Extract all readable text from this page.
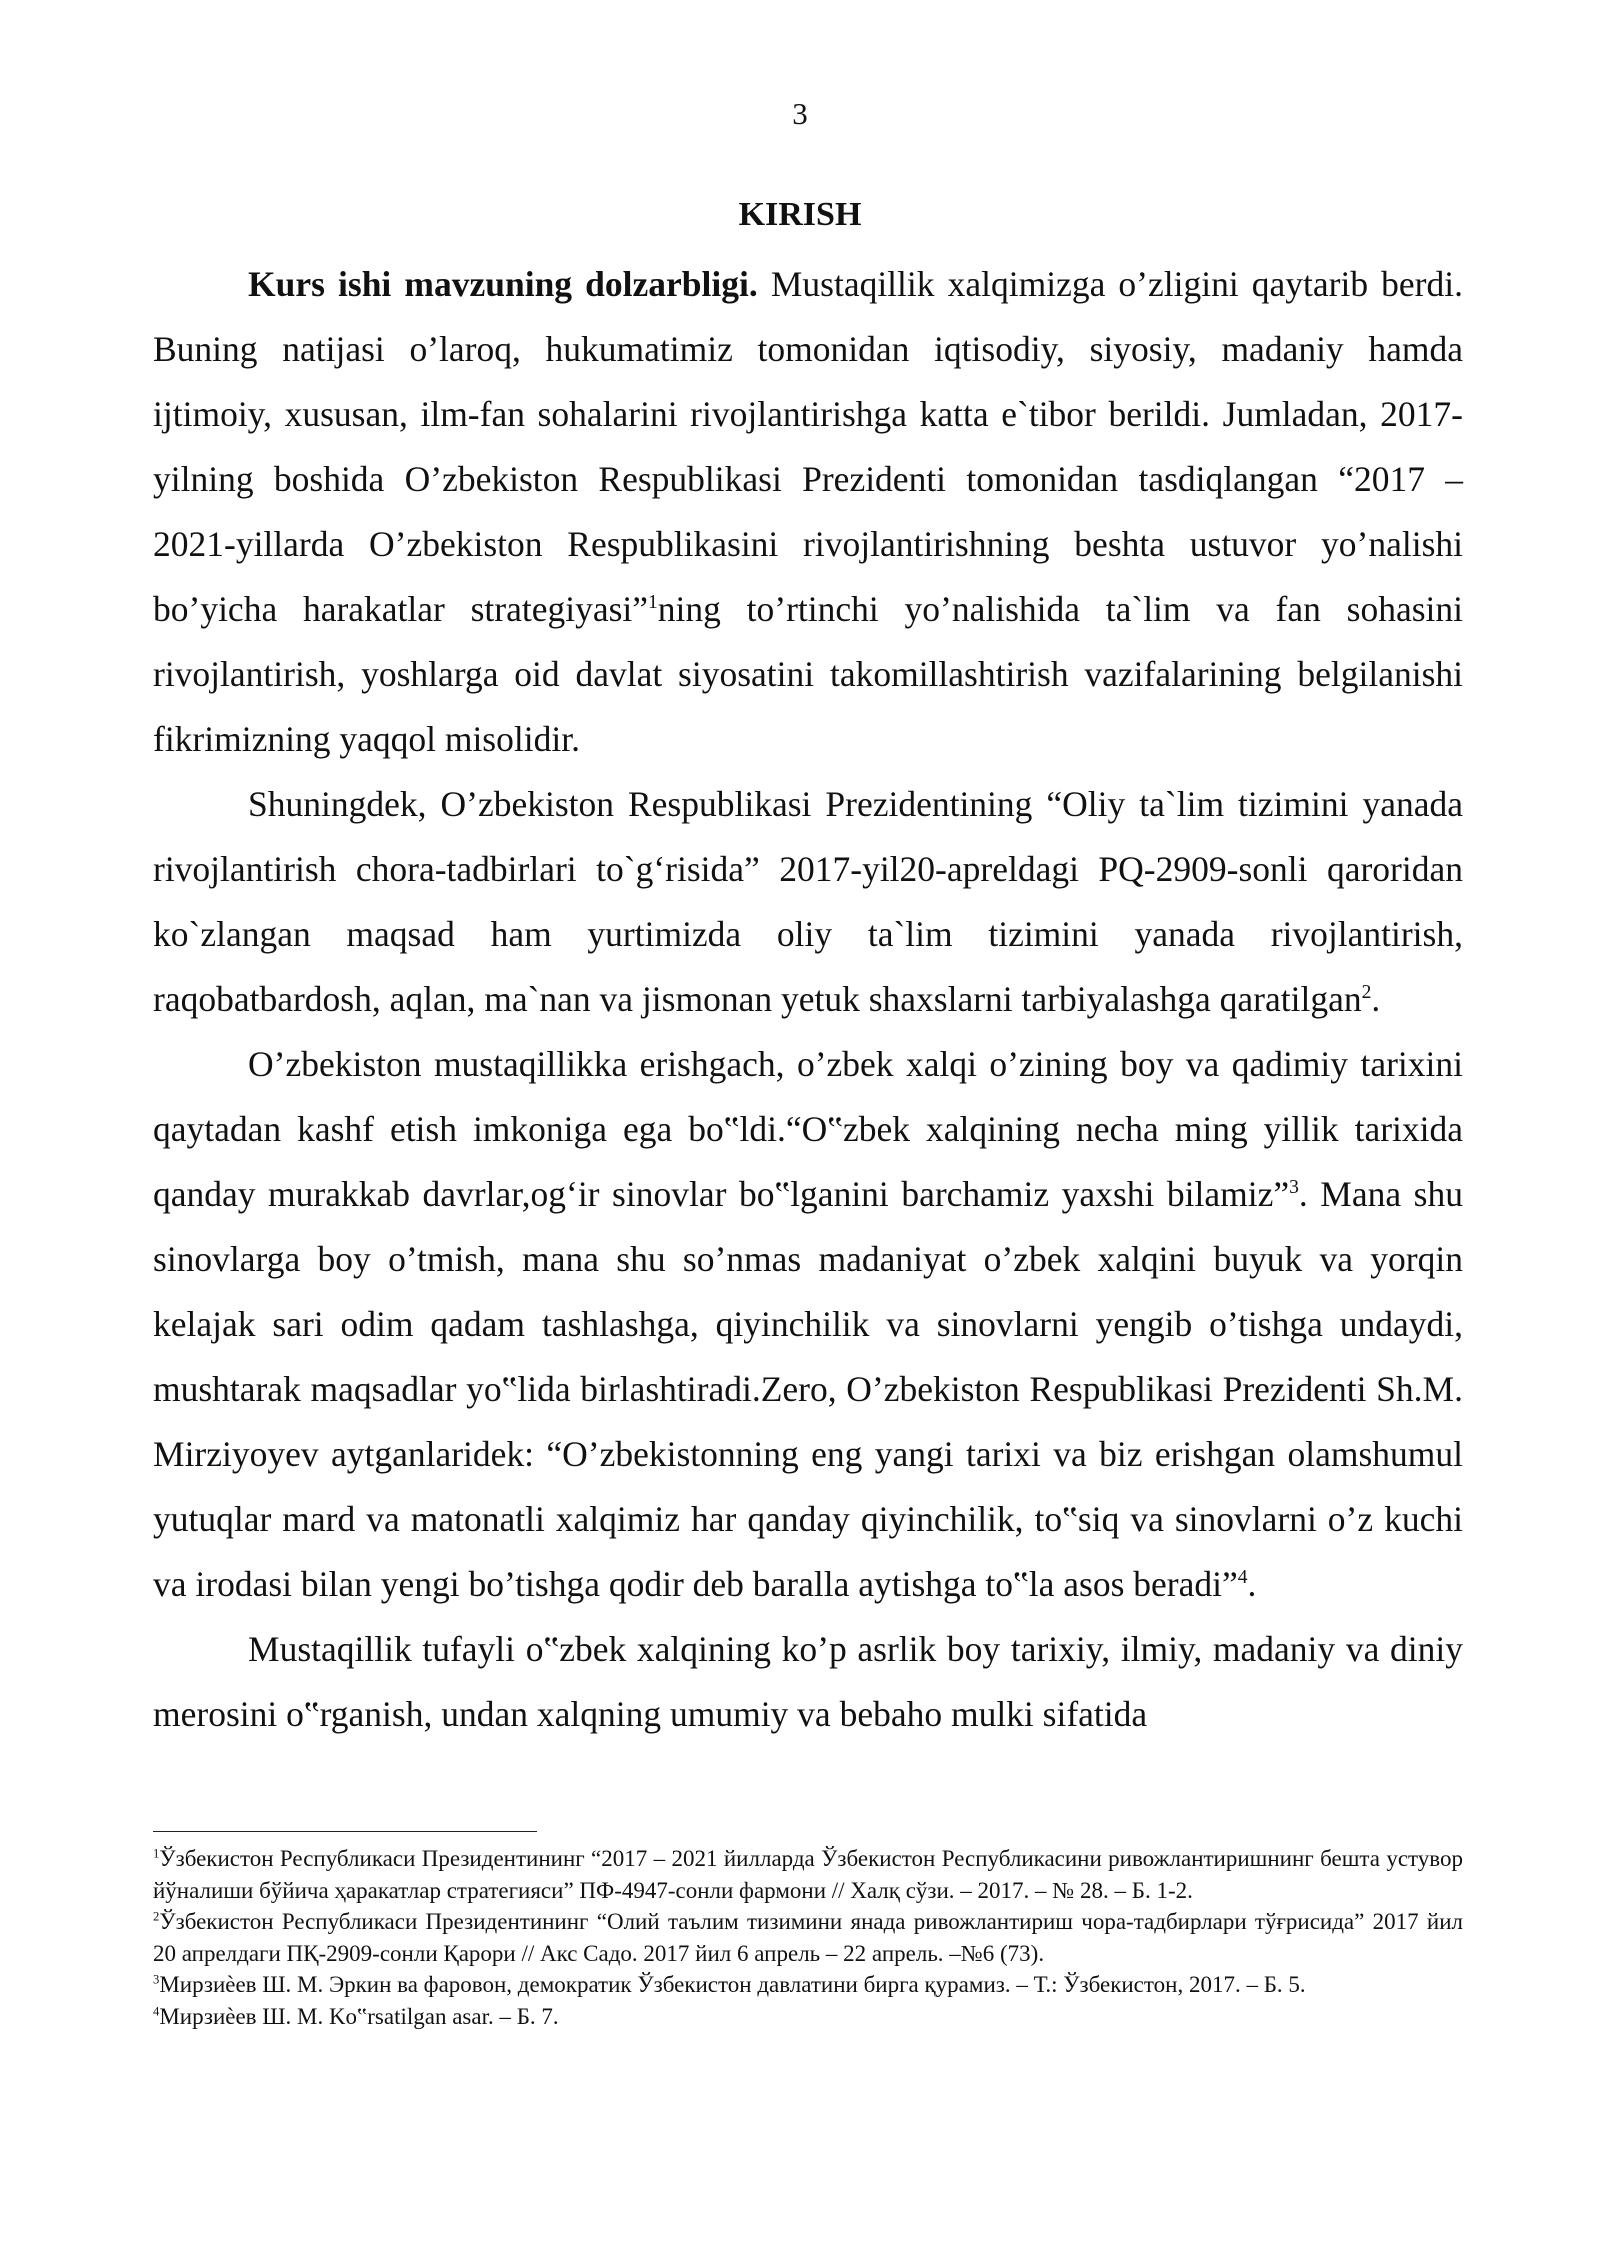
3
KIRISH

Kurs ishi mavzuning dolzarbligi. Mustaqillik xalqimizga o’zligini qaytarib berdi. Buning natijasi o’laroq, hukumatimiz tomonidan iqtisodiy, siyosiy, madaniy hamda ijtimoiy, xususan, ilm-fan sohalarini rivojlantirishga katta e`tibor berildi. Jumladan, 2017-yilning boshida O’zbekiston Respublikasi Prezidenti tomonidan tasdiqlangan “2017 – 2021-yillarda O’zbekiston Respublikasini rivojlantirishning beshta ustuvor yo’nalishi bo’yicha harakatlar strategiyasi”$^1$ning to’rtinchi yo’nalishida ta`lim va fan sohasini rivojlantirish, yoshlarga oid davlat siyosatini takomillashtirish vazifalarining belgilanishi fikrimizning yaqqol misolidir.

Shuningdek, O’zbekiston Respublikasi Prezidentining “Oliy ta`lim tizimini yanada rivojlantirish chora-tadbirlari to`g‘risida” 2017-yil20-apreldagi PQ-2909-sonli qaroridan ko`zlangan maqsad ham yurtimizda oliy ta`lim tizimini yanada rivojlantirish, raqobatbardosh, aqlan, ma`nan va jismonan yetuk shaxslarni tarbiyalashga qaratilgan$^2$.

O’zbekiston mustaqillikka erishgach, o’zbek xalqi o’zining boy va qadimiy tarixini qaytadan kashf etish imkoniga ega bo‟ldi.“O‟zbek xalqining necha ming yillik tarixida qanday murakkab davrlar,og‘ir sinovlar bo‟lganini barchamiz yaxshi bilamiz”$^3$. Mana shu sinovlarga boy o’tmish, mana shu so’nmas madaniyat o’zbek xalqini buyuk va yorqin kelajak sari odim qadam tashlashga, qiyinchilik va sinovlarni yengib o’tishga undaydi, mushtarak maqsadlar yo‟lida birlashtiradi.Zero, O’zbekiston Respublikasi Prezidenti Sh.M. Mirziyoyev aytganlaridek: “O’zbekistonning eng yangi tarixi va biz erishgan olamshumul yutuqlar mard va matonatli xalqimiz har qanday qiyinchilik, to‟siq va sinovlarni o’z kuchi va irodasi bilan yengi bo’tishga qodir deb baralla aytishga to‟la asos beradi”$^4$.

Mustaqillik tufayli o‟zbek xalqining ko’p asrlik boy tarixiy, ilmiy, madaniy va diniy merosini o‟rganish, undan xalqning umumiy va bebaho mulki sifatida

$^1$Ўзбекистон Республикаси Президентининг “2017 – 2021 йилларда Ўзбекистон Республикасини ривожлантиришнинг бешта устувор йўналиши бўйича ҳаракатлар стратегияси” ПФ-4947-сонли фармони // Халқ сўзи. – 2017. – № 28. – Б. 1-2.

$^2$Ўзбекистон Республикаси Президентининг “Олий таълим тизимини янада ривожлантириш чора-тадбирлари тўғрисида” 2017 йил 20 апрелдаги ПҚ-2909-сонли Қарори // Акс Садо. 2017 йил 6 апрель – 22 апрель. –№6 (73).

$^3$Мирзиѐев Ш. М. Эркин ва фаровон, демократик Ўзбекистон давлатини бирга қурамиз. – Т.: Ўзбекистон, 2017. – Б. 5.

$^4$Мирзиѐев Ш. М. Ko‟rsatilgan asar. – Б. 7.
